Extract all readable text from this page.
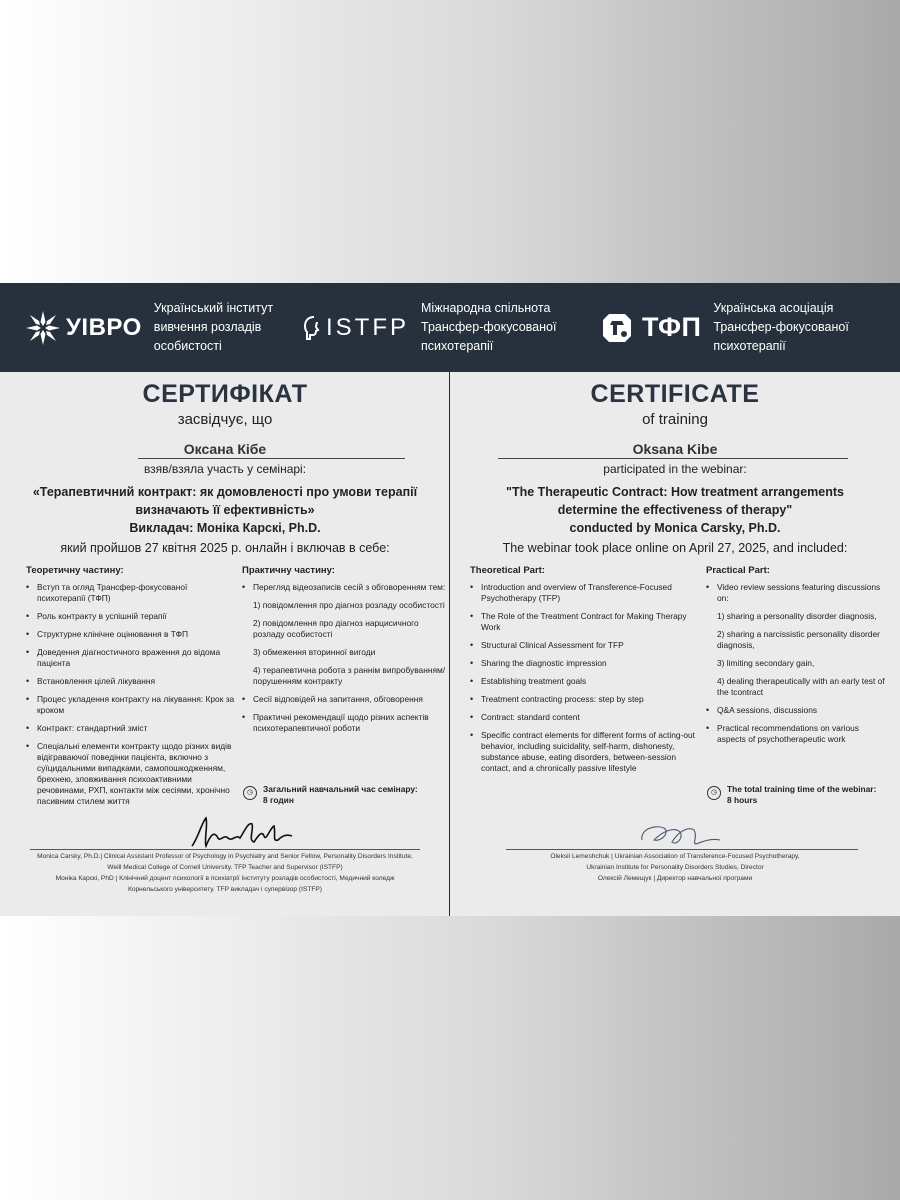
УІВРО
Український інститут
вивчення розладів
особистості
ISTFP
Міжнародна спільнота
Трансфер-фокусованої
психотерапії
ТФП
Українська асоціація
Трансфер-фокусованої
психотерапії
СЕРТИФІКАТ
засвідчує, що
Оксана Кібе
взяв/взяла участь у семінарі:
«Терапевтичний контракт: як домовленості про умови терапії визначають її ефективність»
Викладач: Моніка Карскі, Ph.D.
який пройшов 27 квітня 2025 р. онлайн і включав в себе:
Теоретичну частину:
• Вступ та огляд Трансфер-фокусованої психотерапії (ТФП)
• Роль контракту в успішній терапії
• Структурне клінічне оцінювання в ТФП
• Доведення діагностичного враження до відома пацієнта
• Встановлення цілей лікування
• Процес укладення контракту на лікування: Крок за кроком
• Контракт: стандартний зміст
• Спеціальні елементи контракту щодо різних видів відіграваючої поведінки пацієнта, включно з суїцидальними випадками, самопошкодженням, брехнею, зловживання психоактивними речовинами, РХП, контакти між сесіями, хронічно пасивним стилем життя
Практичну частину:
• Перегляд відеозаписів сесій з обговоренням тем:
1) повідомлення про діагноз розладу особистості
2) повідомлення про діагноз нарцисичного розладу особистості
3) обмеження вторинної вигоди
4) терапевтична робота з раннім випробуванням/порушенням контракту
• Сесії відповідей на запитання, обговорення
• Практичні рекомендації щодо різних аспектів психотерапевтичної роботи
◷	Загальний навчальний час семінару:
8 годин
Monica Carsky, Ph.D.| Clinical Assistant Professor of Psychology in Psychiatry and Senior Fellow, Personality Disorders Institute,
Weill Medical College of Cornell University. TFP Teacher and Supervisor (ISTFP)
Моніка Карскі, PhD | Клінічний доцент психології в психіатрії Інституту розладів особистості, Медичний коледж
Корнельського університету. TFP викладач і супервізор (ISTFP)
CERTIFICATE
of training
Oksana Kibe
participated in the webinar:
"The Therapeutic Contract: How treatment arrangements determine the effectiveness of therapy"
conducted by Monica Carsky, Ph.D.
The webinar took place online on April 27, 2025, and included:
Theoretical Part:
• Introduction and overview of Transference-Focused Psychotherapy (TFP)
• The Role of the Treatment Contract for Making Therapy Work
• Structural Clinical Assessment for TFP
• Sharing the diagnostic impression
• Establishing treatment goals
• Treatment contracting process: step by step
• Contract: standard content
• Specific contract elements for different forms of acting-out behavior, including suicidality, self-harm, dishonesty, substance abuse, eating disorders, between-session contact, and a chronically passive lifestyle
Practical Part:
• Video review sessions featuring discussions on:
1) sharing a personality disorder diagnosis,
2) sharing a narcissistic personality disorder diagnosis,
3) limiting secondary gain,
4) dealing therapeutically with an early test of the tcontract
• Q&A sessions, discussions
• Practical recommendations on various aspects of psychotherapeutic work
◷	The total training time of the webinar:
8 hours
Oleksii Lemeshchuk | Ukrainian Association of Transference-Focused Psychotherapy,
Ukrainian Institute for Personality Disorders Studies, Director
Олексій Лемещук | Директор навчальної програми
